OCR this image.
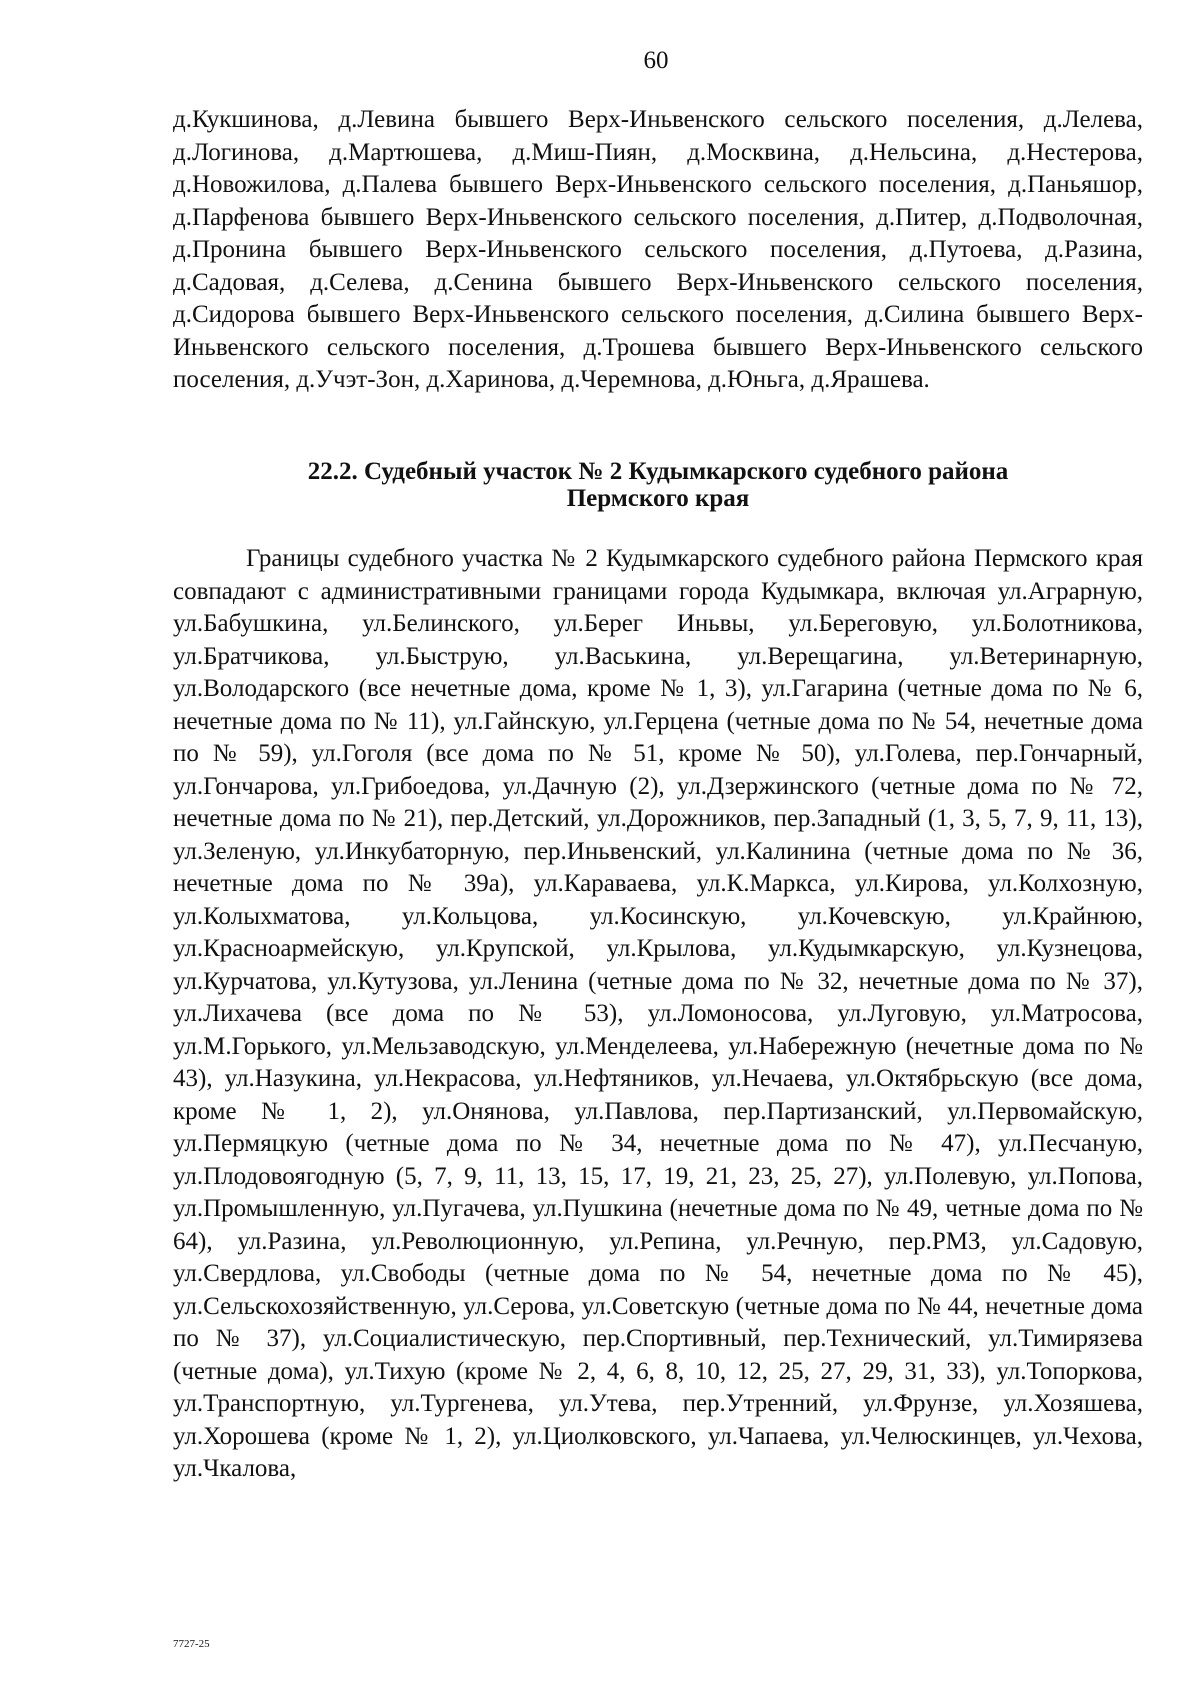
60
д.Кукшинова, д.Левина бывшего Верх-Иньвенского сельского поселения, д.Лелева, д.Логинова, д.Мартюшева, д.Миш-Пиян, д.Москвина, д.Нельсина, д.Нестерова, д.Новожилова, д.Палева бывшего Верх-Иньвенского сельского поселения, д.Паньяшор, д.Парфенова бывшего Верх-Иньвенского сельского поселения, д.Питер, д.Подволочная, д.Пронина бывшего Верх-Иньвенского сельского поселения, д.Путоева, д.Разина, д.Садовая, д.Селева, д.Сенина бывшего Верх-Иньвенского сельского поселения, д.Сидорова бывшего Верх-Иньвенского сельского поселения, д.Силина бывшего Верх-Иньвенского сельского поселения, д.Трошева бывшего Верх-Иньвенского сельского поселения, д.Учэт-Зон, д.Харинова, д.Черемнова, д.Юньга, д.Ярашева.
22.2. Судебный участок № 2 Кудымкарского судебного района
Пермского края
Границы судебного участка № 2 Кудымкарского судебного района Пермского края совпадают с административными границами города Кудымкара, включая ул.Аграрную, ул.Бабушкина, ул.Белинского, ул.Берег Иньвы, ул.Береговую, ул.Болотникова, ул.Братчикова, ул.Быструю, ул.Васькина, ул.Верещагина, ул.Ветеринарную, ул.Володарского (все нечетные дома, кроме № 1, 3), ул.Гагарина (четные дома по № 6, нечетные дома по № 11), ул.Гайнскую, ул.Герцена (четные дома по № 54, нечетные дома по № 59), ул.Гоголя (все дома по № 51, кроме № 50), ул.Голева, пер.Гончарный, ул.Гончарова, ул.Грибоедова, ул.Дачную (2), ул.Дзержинского (четные дома по № 72, нечетные дома по № 21), пер.Детский, ул.Дорожников, пер.Западный (1, 3, 5, 7, 9, 11, 13), ул.Зеленую, ул.Инкубаторную, пер.Иньвенский, ул.Калинина (четные дома по № 36, нечетные дома по № 39а), ул.Караваева, ул.К.Маркса, ул.Кирова, ул.Колхозную, ул.Колыхматова, ул.Кольцова, ул.Косинскую, ул.Кочевскую, ул.Крайнюю, ул.Красноармейскую, ул.Крупской, ул.Крылова, ул.Кудымкарскую, ул.Кузнецова, ул.Курчатова, ул.Кутузова, ул.Ленина (четные дома по № 32, нечетные дома по № 37), ул.Лихачева (все дома по № 53), ул.Ломоносова, ул.Луговую, ул.Матросова, ул.М.Горького, ул.Мельзаводскую, ул.Менделеева, ул.Набережную (нечетные дома по № 43), ул.Назукина, ул.Некрасова, ул.Нефтяников, ул.Нечаева, ул.Октябрьскую (все дома, кроме № 1, 2), ул.Онянова, ул.Павлова, пер.Партизанский, ул.Первомайскую, ул.Пермяцкую (четные дома по № 34, нечетные дома по № 47), ул.Песчаную, ул.Плодовоягодную (5, 7, 9, 11, 13, 15, 17, 19, 21, 23, 25, 27), ул.Полевую, ул.Попова, ул.Промышленную, ул.Пугачева, ул.Пушкина (нечетные дома по № 49, четные дома по № 64), ул.Разина, ул.Революционную, ул.Репина, ул.Речную, пер.РМЗ, ул.Садовую, ул.Свердлова, ул.Свободы (четные дома по № 54, нечетные дома по № 45), ул.Сельскохозяйственную, ул.Серова, ул.Советскую (четные дома по № 44, нечетные дома по № 37), ул.Социалистическую, пер.Спортивный, пер.Технический, ул.Тимирязева (четные дома), ул.Тихую (кроме № 2, 4, 6, 8, 10, 12, 25, 27, 29, 31, 33), ул.Топоркова, ул.Транспортную, ул.Тургенева, ул.Утева, пер.Утренний, ул.Фрунзе, ул.Хозяшева, ул.Хорошева (кроме № 1, 2), ул.Циолковского, ул.Чапаева, ул.Челюскинцев, ул.Чехова, ул.Чкалова,
7727-25
